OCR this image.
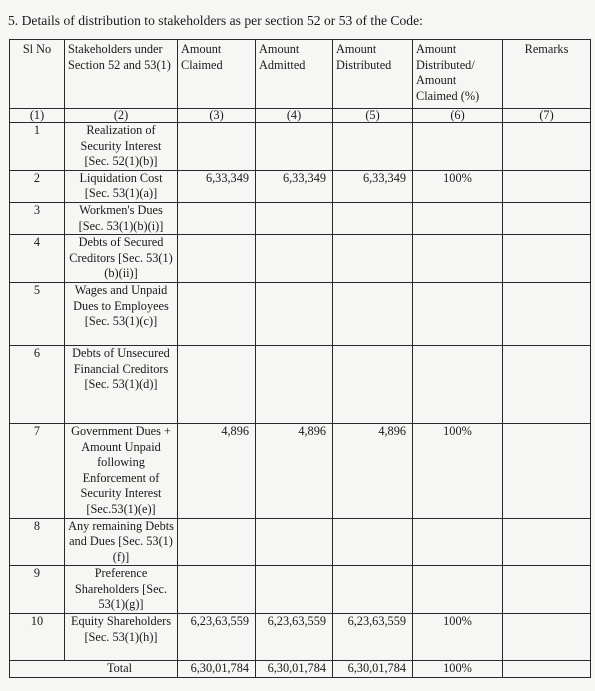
5. Details of distribution to stakeholders as per section 52 or 53 of the Code:
Sl No	Stakeholders under Section 52 and 53(1)	Amount Claimed	Amount Admitted	Amount Distributed	Amount Distributed/ Amount Claimed (%)	Remarks
(1)	(2)	(3)	(4)	(5)	(6)	(7)
1	Realization of Security Interest [Sec. 52(1)(b)]					
2	Liquidation Cost [Sec. 53(1)(a)]	6,33,349	6,33,349	6,33,349	100%	
3	Workmen's Dues [Sec. 53(1)(b)(i)]					
4	Debts of Secured Creditors [Sec. 53(1)(b)(ii)]					
5	Wages and Unpaid Dues to Employees [Sec. 53(1)(c)]					
6	Debts of Unsecured Financial Creditors [Sec. 53(1)(d)]					
7	Government Dues + Amount Unpaid following Enforcement of Security Interest [Sec.53(1)(e)]	4,896	4,896	4,896	100%	
8	Any remaining Debts and Dues [Sec. 53(1)(f)]					
9	Preference Shareholders [Sec. 53(1)(g)]					
10	Equity Shareholders [Sec. 53(1)(h)]	6,23,63,559	6,23,63,559	6,23,63,559	100%	
Total		6,30,01,784	6,30,01,784	6,30,01,784	100%	
